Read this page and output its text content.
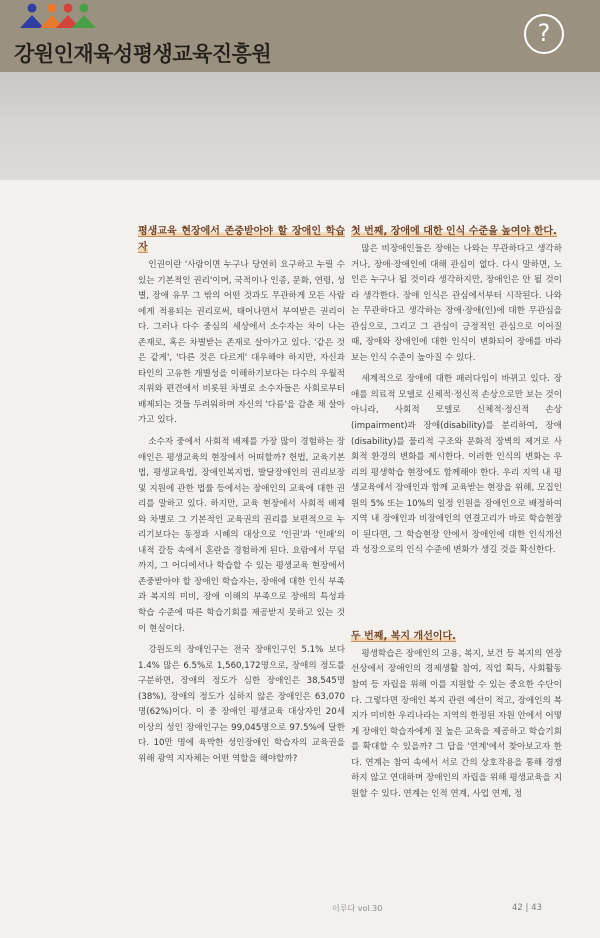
강원인재육성평생교육진흥원
?
평생교육 현장에서 존중받아야 할 장애인 학습자

인권이란 '사람이면 누구나 당연히 요구하고 누릴 수 있는 기본적인 권리'이며, 국적이나 인종, 문화, 연령, 성별, 장애 유무 그 밖의 어떤 것과도 무관하게 모든 사람에게 적용되는 권리로써, 태어나면서 부여받은 권리이다. 그러나 다수 중심의 세상에서 소수자는 차이 나는 존재로, 혹은 차별받는 존재로 살아가고 있다. '같은 것은 같게', '다른 것은 다르게' 대우해야 하지만, 자신과 타인의 고유한 개별성을 이해하기보다는 다수의 우월적 지위와 편견에서 비롯된 차별로 소수자들은 사회로부터 배제되는 것들 두려워하며 자신의 '다름'을 감춘 채 살아가고 있다.

소수자 중에서 사회적 배제를 가장 많이 경험하는 장애인은 평생교육의 현장에서 어떠할까? 헌법, 교육기본법, 평생교육법, 장애인복지법, 발달장애인의 권리보장 및 지원에 관한 법률 등에서는 장애인의 교육에 대한 권리를 말하고 있다. 하지만, 교육 현장에서 사회적 배제와 차별로 그 기본적인 교육권의 권리를 보편적으로 누리기보다는 동정과 시혜의 대상으로 '인권'과 '인패'의 내적 갈등 속에서 혼란을 경험하게 된다. 요람에서 무덤까지, 그 어디에서나 학습할 수 있는 평생교육 현장에서 존중받아야 할 장애인 학습자는, 장애에 대한 인식 부족과 복지의 미비, 장애 이해의 부족으로 장애의 특성과 학습 수준에 따른 학습기회를 제공받지 못하고 있는 것이 현실이다.

강원도의 장애인구는 전국 장애인구인 5.1% 보다 1.4% 많은 6.5%로 1,560,172명으로, 장애의 정도를 구분하면, 장애의 정도가 심한 장애인은 38,545명(38%), 장애의 정도가 심하지 않은 장애인은 63,070명(62%)이다. 이 중 장애인 평생교육 대상자인 20세 이상의 성인 장애인구는 99,045명으로 97.5%에 달한다. 10만 명에 육박한 성인장애인 학습자의 교육권을 위해 광역 지자체는 어떤 역할을 해야할까?

첫 번째, 장애에 대한 인식 수준을 높여야 한다.

많은 비장애인들은 장애는 나와는 무관하다고 생각하거나, 장애·장애인에 대해 관심이 없다. 다시 말하면, 노인은 누구나 될 것이라 생각하지만, 장애인은 안 될 것이라 생각한다. 장애 인식은 관심에서부터 시작된다. 나와는 무관하다고 생각하는 장애·장애(인)에 대한 무관심을 관심으로, 그리고 그 관심이 긍정적인 관심으로 이어질 때, 장애와 장애인에 대한 인식이 변화되어 장애를 바라보는 인식 수준이 높아질 수 있다.

세계적으로 장애에 대한 패러다임이 바뀌고 있다. 장애를 의료적 모델로 신체적·정신적 손상으로만 보는 것이 아니라, 사회적 모델로 신체적·정신적 손상(impairment)과 장애(disability)를 분리하여, 장애(disability)를 물리적 구조와 문화적 장벽의 제거로 사회적 환경의 변화를 제시한다. 이러한 인식의 변화는 우리의 평생학습 현장에도 함께해야 한다. 우리 지역 내 평생교육에서 장애인과 함께 교육받는 현장을 위해, 모집인원의 5% 또는 10%의 일정 인원을 장애인으로 배정하여 지역 내 장애인과 비장애인의 연결고리가 바로 학습현장이 된다면, 그 학습현장 안에서 장애인에 대한 인식개선과 성장으로의 인식 수준에 변화가 생길 것을 확신한다.

두 번째, 복지 개선이다.

평생학습은 장애인의 고용, 복지, 보건 등 복지의 연장 선상에서 장애인의 경제생활 참여, 직업 획득, 사회활동 참여 등 자립을 위해 이를 지원할 수 있는 중요한 수단이다. 그렇다면 장애인 복지 관련 예산이 적고, 장애인의 복지가 미비한 우리나라는 지역의 한정된 자원 안에서 어떻게 장애인 학습자에게 질 높은 교육을 제공하고 학습기회를 확대할 수 있을까? 그 답을 '연계'에서 찾아보고자 한다. 연계는 참여 속에서 서로 간의 상호작용을 통해 경쟁하지 않고 연대하며 장애인의 자립을 위해 평생교육을 지원할 수 있다. 연계는 인적 연계, 사업 연계, 정

이루다 vol.30	42 | 43
